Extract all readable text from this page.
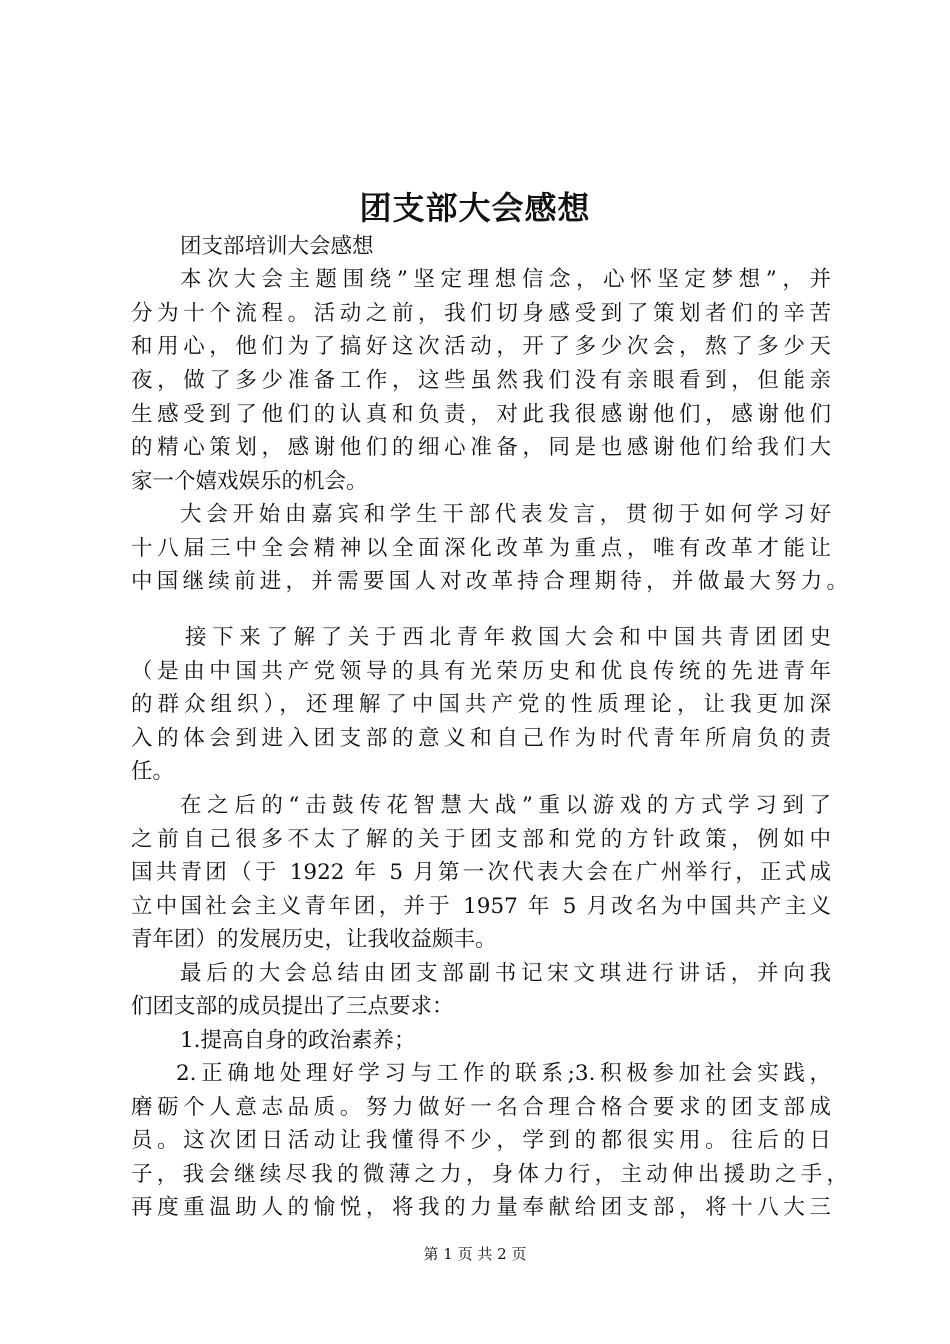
团支部大会感想
团支部培训大会感想
本次大会主题围绕”坚定理想信念，心怀坚定梦想”，并
分为十个流程。活动之前，我们切身感受到了策划者们的辛苦
和用心，他们为了搞好这次活动，开了多少次会，熬了多少天
夜，做了多少准备工作，这些虽然我们没有亲眼看到，但能亲
生感受到了他们的认真和负责，对此我很感谢他们，感谢他们
的精心策划，感谢他们的细心准备，同是也感谢他们给我们大
家一个嬉戏娱乐的机会。
大会开始由嘉宾和学生干部代表发言，贯彻于如何学习好
十八届三中全会精神以全面深化改革为重点，唯有改革才能让
中国继续前进，并需要国人对改革持合理期待，并做最大努力。
接下来了解了关于西北青年救国大会和中国共青团团史
（是由中国共产党领导的具有光荣历史和优良传统的先进青年
的群众组织），还理解了中国共产党的性质理论，让我更加深
入的体会到进入团支部的意义和自己作为时代青年所肩负的责
任。
在之后的“击鼓传花智慧大战”重以游戏的方式学习到了
之前自己很多不太了解的关于团支部和党的方针政策，例如中
国共青团（于 1922 年 5 月第一次代表大会在广州举行，正式成
立中国社会主义青年团，并于 1957 年 5 月改名为中国共产主义
青年团）的发展历史，让我收益颇丰。
最后的大会总结由团支部副书记宋文琪进行讲话，并向我
们团支部的成员提出了三点要求：
1.提高自身的政治素养；
2.正确地处理好学习与工作的联系;3.积极参加社会实践，
磨砺个人意志品质。努力做好一名合理合格合要求的团支部成
员。这次团日活动让我懂得不少，学到的都很实用。往后的日
子，我会继续尽我的微薄之力，身体力行，主动伸出援助之手，
再度重温助人的愉悦，将我的力量奉献给团支部，将十八大三
第 1 页 共 2 页
